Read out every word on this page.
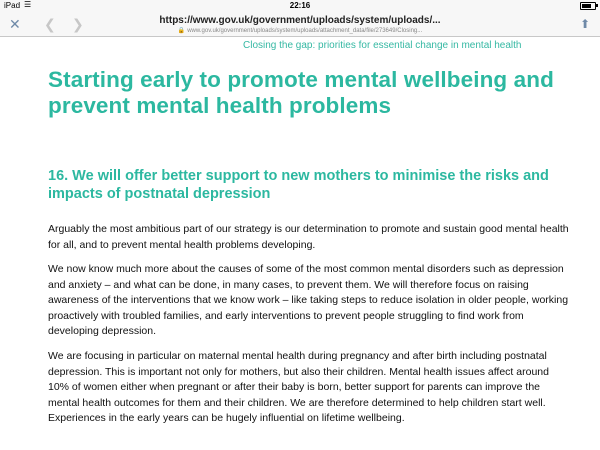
iPad ☰	22:16
✕ ❮ ❯	https://www.gov.uk/government/uploads/system/uploads/...
🔒 www.gov.uk/government/uploads/system/uploads/attachment_data/file/273649/Closing...	⬆
Closing the gap: priorities for essential change in mental health
Starting early to promote mental wellbeing and prevent mental health problems
16. We will offer better support to new mothers to minimise the risks and impacts of postnatal depression

Arguably the most ambitious part of our strategy is our determination to promote and sustain good mental health for all, and to prevent mental health problems developing.

We now know much more about the causes of some of the most common mental disorders such as depression and anxiety – and what can be done, in many cases, to prevent them. We will therefore focus on raising awareness of the interventions that we know work – like taking steps to reduce isolation in older people, working proactively with troubled families, and early interventions to prevent people struggling to find work from developing depression.

We are focusing in particular on maternal mental health during pregnancy and after birth including postnatal depression. This is important not only for mothers, but also their children. Mental health issues affect around 10% of women either when pregnant or after their baby is born, better support for parents can improve the mental health outcomes for them and their children. We are therefore determined to help children start well. Experiences in the early years can be hugely influential on lifetime wellbeing.
